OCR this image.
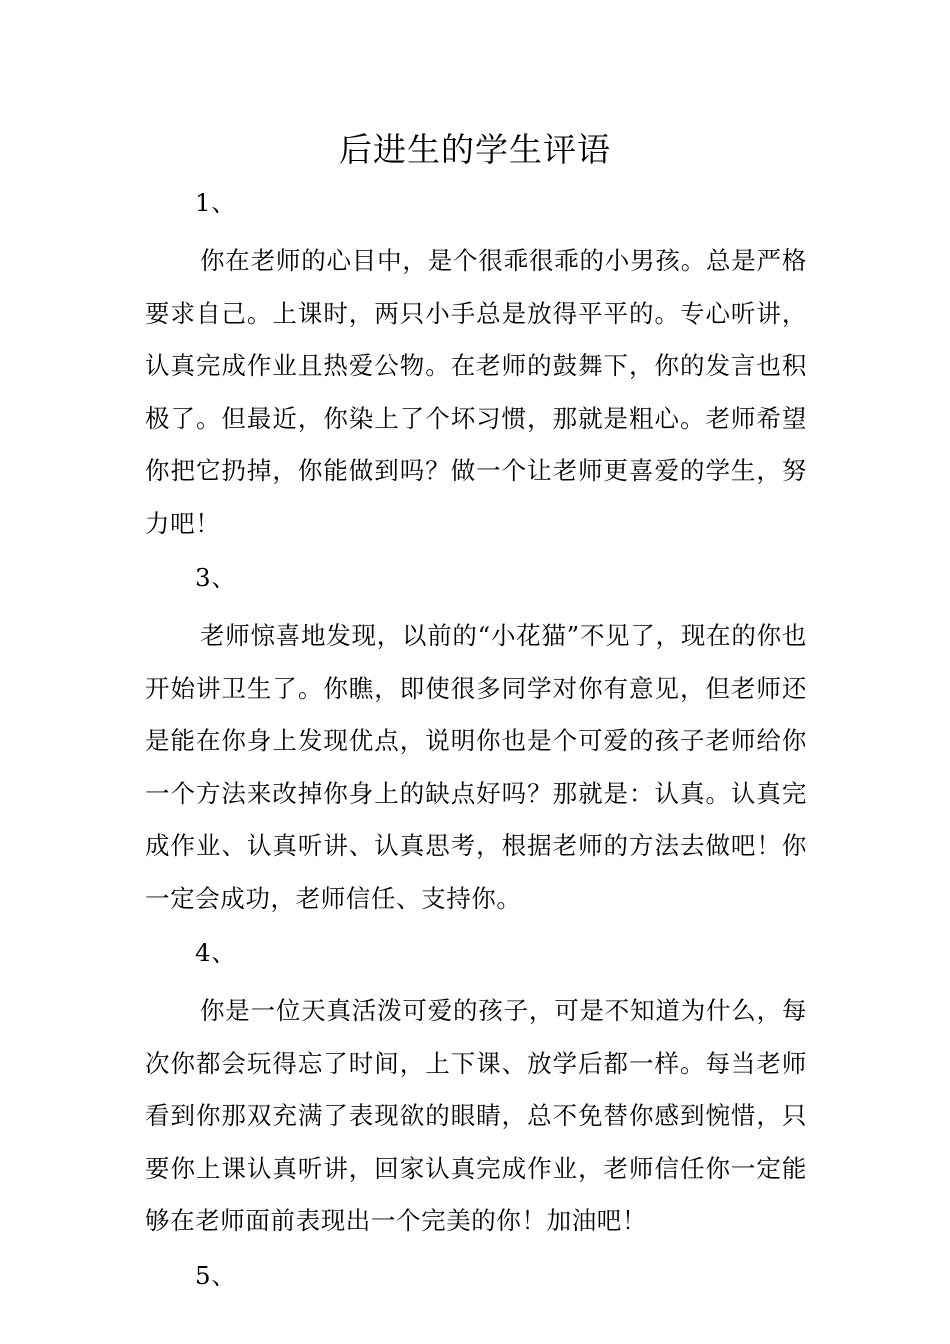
后进生的学生评语

1、

你在老师的心目中，是个很乖很乖的小男孩。总是严格要求自己。上课时，两只小手总是放得平平的。专心听讲，认真完成作业且热爱公物。在老师的鼓舞下，你的发言也积极了。但最近，你染上了个坏习惯，那就是粗心。老师希望你把它扔掉，你能做到吗？做一个让老师更喜爱的学生，努力吧！

3、

老师惊喜地发现，以前的“小花猫”不见了，现在的你也开始讲卫生了。你瞧，即使很多同学对你有意见，但老师还是能在你身上发现优点，说明你也是个可爱的孩子老师给你一个方法来改掉你身上的缺点好吗？那就是：认真。认真完成作业、认真听讲、认真思考，根据老师的方法去做吧！你一定会成功，老师信任、支持你。

4、

你是一位天真活泼可爱的孩子，可是不知道为什么，每次你都会玩得忘了时间，上下课、放学后都一样。每当老师看到你那双充满了表现欲的眼睛，总不免替你感到惋惜，只要你上课认真听讲，回家认真完成作业，老师信任你一定能够在老师面前表现出一个完美的你！加油吧！

5、
